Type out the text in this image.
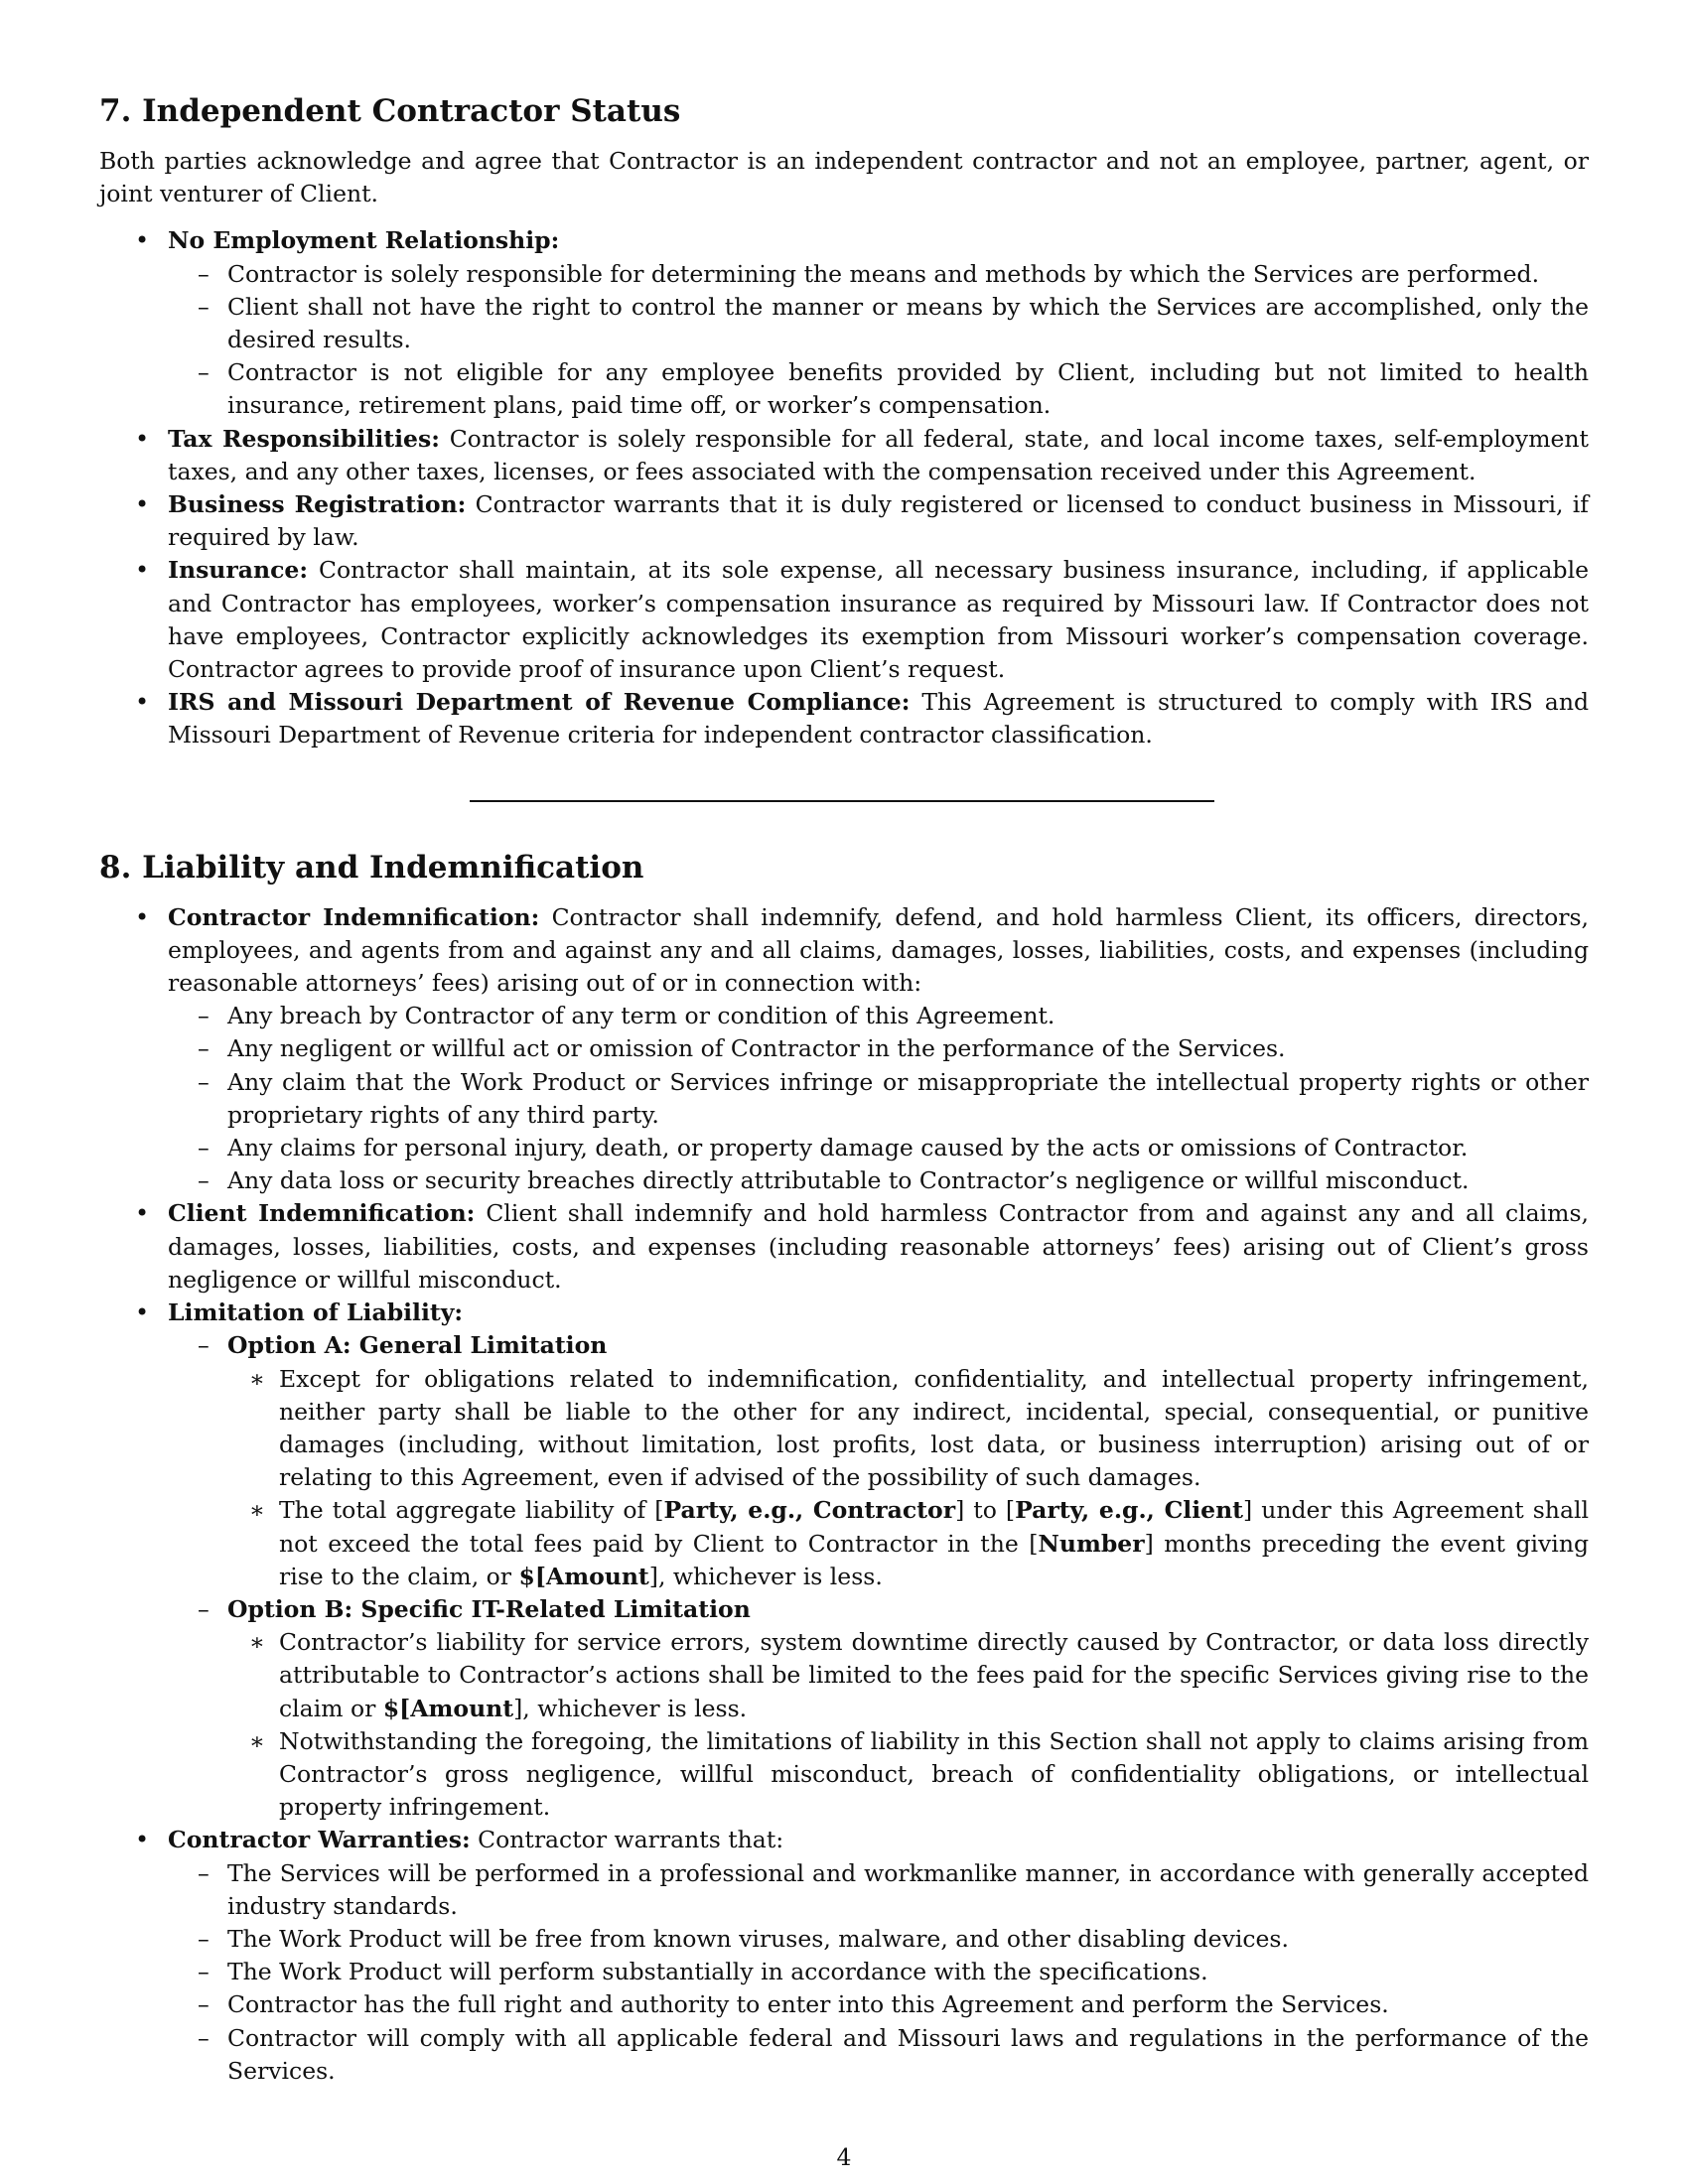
7. Independent Contractor Status

Both parties acknowledge and agree that Contractor is an independent contractor and not an employee, partner, agent, or joint venturer of Client.

• No Employment Relationship:
– Contractor is solely responsible for determining the means and methods by which the Services are performed.
– Client shall not have the right to control the manner or means by which the Services are accomplished, only the desired results.
– Contractor is not eligible for any employee benefits provided by Client, including but not limited to health insurance, retirement plans, paid time off, or worker’s compensation.
• Tax Responsibilities: Contractor is solely responsible for all federal, state, and local income taxes, self-employment taxes, and any other taxes, licenses, or fees associated with the compensation received under this Agreement.
• Business Registration: Contractor warrants that it is duly registered or licensed to conduct business in Missouri, if required by law.
• Insurance: Contractor shall maintain, at its sole expense, all necessary business insurance, including, if applicable and Contractor has employees, worker’s compensation insurance as required by Missouri law. If Contractor does not have employees, Contractor explicitly acknowledges its exemption from Missouri worker’s compensation coverage. Contractor agrees to provide proof of insurance upon Client’s request.
• IRS and Missouri Department of Revenue Compliance: This Agreement is structured to comply with IRS and Missouri Department of Revenue criteria for independent contractor classification.
8. Liability and Indemnification
• Contractor Indemnification: Contractor shall indemnify, defend, and hold harmless Client, its officers, directors, employees, and agents from and against any and all claims, damages, losses, liabilities, costs, and expenses (including reasonable attorneys’ fees) arising out of or in connection with:
– Any breach by Contractor of any term or condition of this Agreement.
– Any negligent or willful act or omission of Contractor in the performance of the Services.
– Any claim that the Work Product or Services infringe or misappropriate the intellectual property rights or other proprietary rights of any third party.
– Any claims for personal injury, death, or property damage caused by the acts or omissions of Contractor.
– Any data loss or security breaches directly attributable to Contractor’s negligence or willful misconduct.
• Client Indemnification: Client shall indemnify and hold harmless Contractor from and against any and all claims, damages, losses, liabilities, costs, and expenses (including reasonable attorneys’ fees) arising out of Client’s gross negligence or willful misconduct.
• Limitation of Liability:
– Option A: General Limitation
∗ Except for obligations related to indemnification, confidentiality, and intellectual property infringement, neither party shall be liable to the other for any indirect, incidental, special, consequential, or punitive damages (including, without limitation, lost profits, lost data, or business interruption) arising out of or relating to this Agreement, even if advised of the possibility of such damages.
∗ The total aggregate liability of [Party, e.g., Contractor] to [Party, e.g., Client] under this Agreement shall not exceed the total fees paid by Client to Contractor in the [Number] months preceding the event giving rise to the claim, or $[Amount], whichever is less.
– Option B: Specific IT-Related Limitation
∗ Contractor’s liability for service errors, system downtime directly caused by Contractor, or data loss directly attributable to Contractor’s actions shall be limited to the fees paid for the specific Services giving rise to the claim or $[Amount], whichever is less.
∗ Notwithstanding the foregoing, the limitations of liability in this Section shall not apply to claims arising from Contractor’s gross negligence, willful misconduct, breach of confidentiality obligations, or intellectual property infringement.
• Contractor Warranties: Contractor warrants that:
– The Services will be performed in a professional and workmanlike manner, in accordance with generally accepted industry standards.
– The Work Product will be free from known viruses, malware, and other disabling devices.
– The Work Product will perform substantially in accordance with the specifications.
– Contractor has the full right and authority to enter into this Agreement and perform the Services.
– Contractor will comply with all applicable federal and Missouri laws and regulations in the performance of the Services.
4
